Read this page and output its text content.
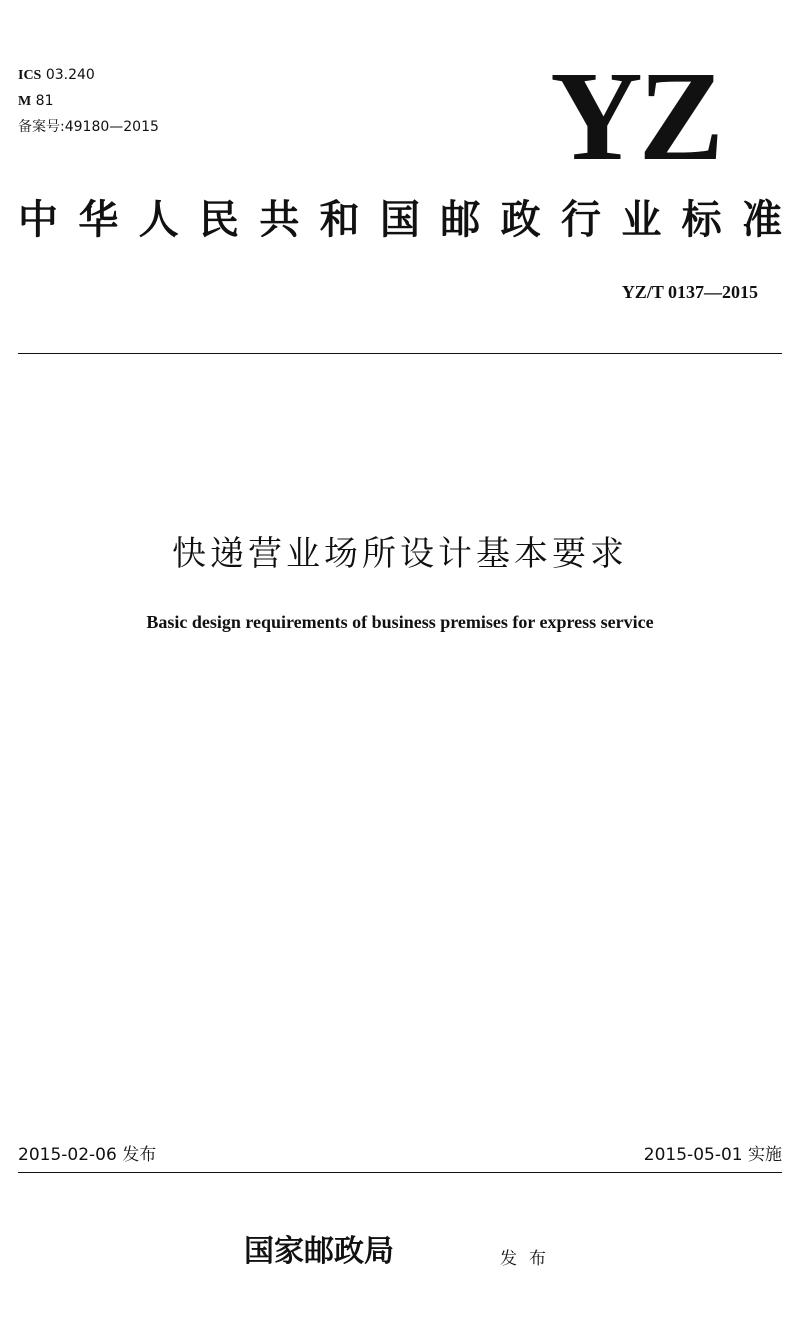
ICS 03.240
M 81
备案号:49180—2015	YZ
中华人民共和国邮政行业标准
YZ/T 0137—2015
快递营业场所设计基本要求
Basic design requirements of business premises for express service
2015-02-06 发布	2015-05-01 实施
国家邮政局	发布
